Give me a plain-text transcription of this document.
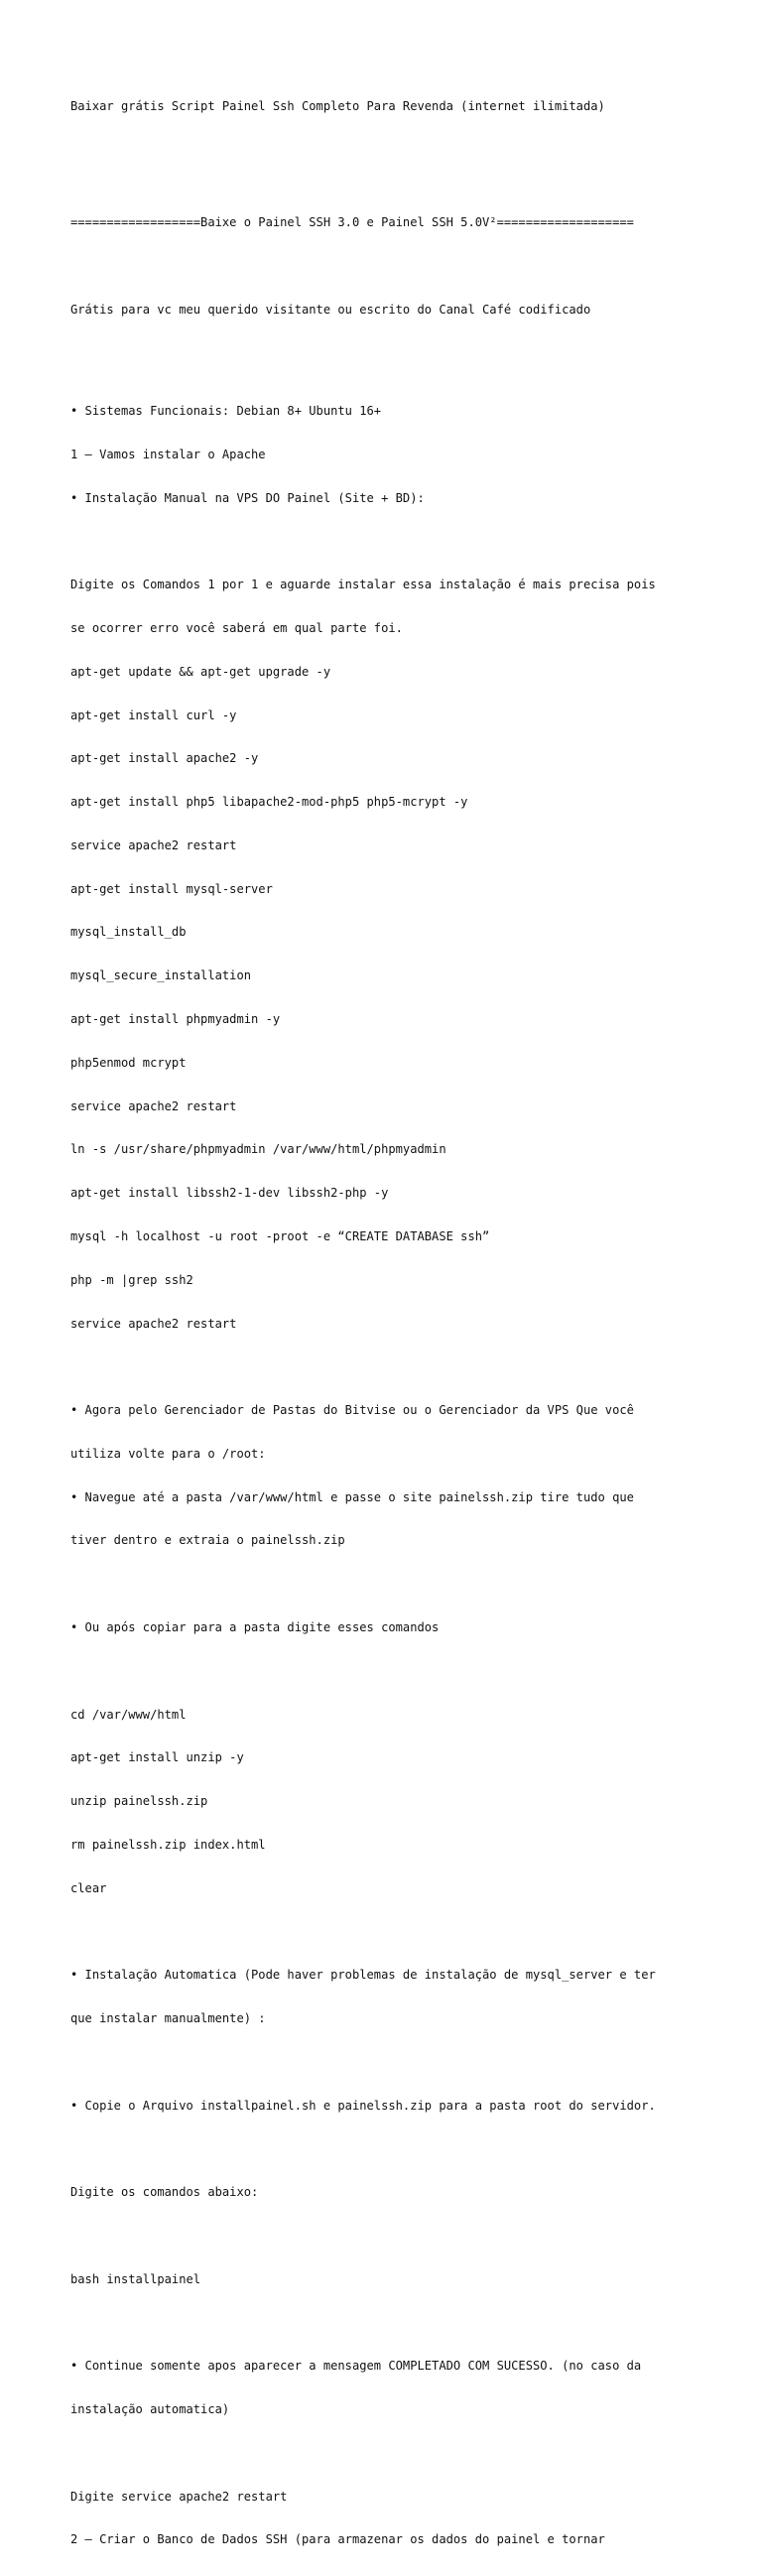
Baixar grátis Script Painel Ssh Completo Para Revenda (internet ilimitada)

==================Baixe o Painel SSH 3.0 e Painel SSH 5.0V²===================

Grátis para vc meu querido visitante ou escrito do Canal Café codificado

• Sistemas Funcionais: Debian 8+ Ubuntu 16+

1 – Vamos instalar o Apache

• Instalação Manual na VPS DO Painel (Site + BD):

Digite os Comandos 1 por 1 e aguarde instalar essa instalação é mais precisa pois

se ocorrer erro você saberá em qual parte foi.

apt-get update && apt-get upgrade -y

apt-get install curl -y

apt-get install apache2 -y

apt-get install php5 libapache2-mod-php5 php5-mcrypt -y

service apache2 restart

apt-get install mysql-server

mysql_install_db

mysql_secure_installation

apt-get install phpmyadmin -y

php5enmod mcrypt

service apache2 restart

ln -s /usr/share/phpmyadmin /var/www/html/phpmyadmin

apt-get install libssh2-1-dev libssh2-php -y

mysql -h localhost -u root -proot -e “CREATE DATABASE ssh”

php -m |grep ssh2

service apache2 restart

• Agora pelo Gerenciador de Pastas do Bitvise ou o Gerenciador da VPS Que você

utiliza volte para o /root:

• Navegue até a pasta /var/www/html e passe o site painelssh.zip tire tudo que

tiver dentro e extraia o painelssh.zip

• Ou após copiar para a pasta digite esses comandos

cd /var/www/html

apt-get install unzip -y

unzip painelssh.zip

rm painelssh.zip index.html

clear

• Instalação Automatica (Pode haver problemas de instalação de mysql_server e ter

que instalar manualmente) :

• Copie o Arquivo installpainel.sh e painelssh.zip para a pasta root do servidor.

Digite os comandos abaixo:

bash installpainel

• Continue somente apos aparecer a mensagem COMPLETADO COM SUCESSO. (no caso da

instalação automatica)

Digite service apache2 restart

2 – Criar o Banco de Dados SSH (para armazenar os dados do painel e tornar
